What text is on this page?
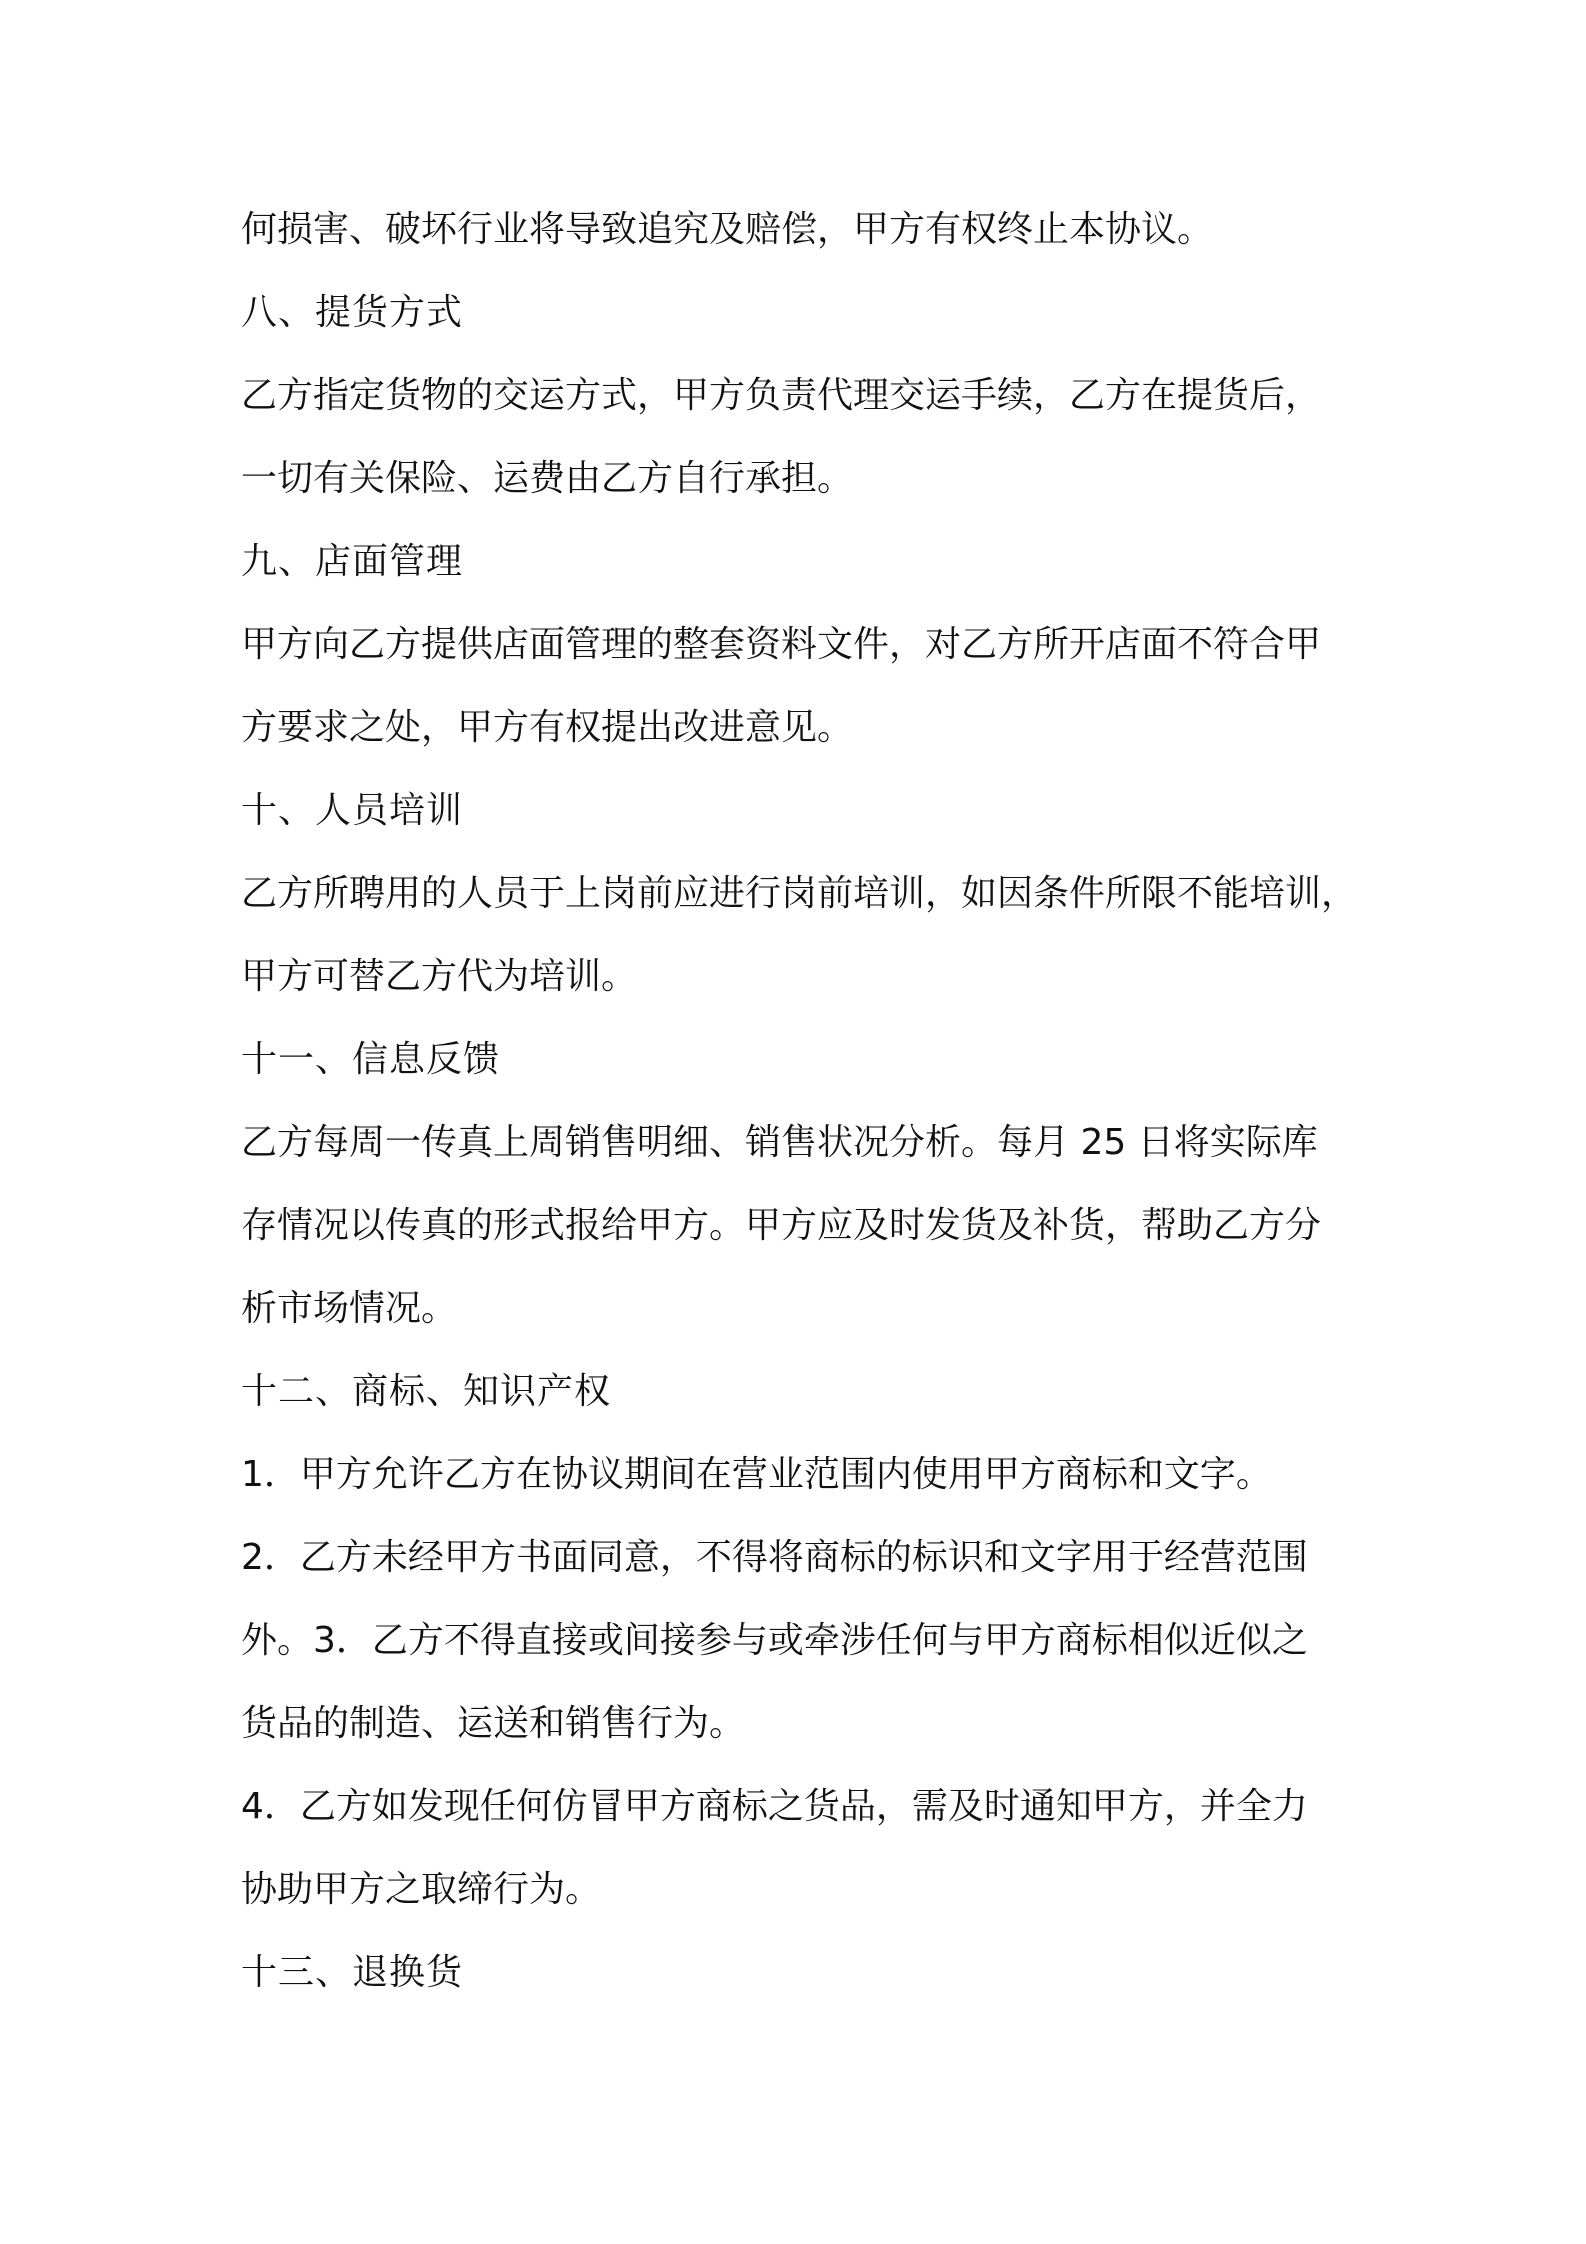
何损害、破坏行业将导致追究及赔偿，甲方有权终止本协议。
八、提货方式
乙方指定货物的交运方式，甲方负责代理交运手续，乙方在提货后，
一切有关保险、运费由乙方自行承担。
九、店面管理
甲方向乙方提供店面管理的整套资料文件，对乙方所开店面不符合甲
方要求之处，甲方有权提出改进意见。
十、人员培训
乙方所聘用的人员于上岗前应进行岗前培训，如因条件所限不能培训，
甲方可替乙方代为培训。
十一、信息反馈
乙方每周一传真上周销售明细、销售状况分析。每月 25 日将实际库
存情况以传真的形式报给甲方。甲方应及时发货及补货，帮助乙方分
析市场情况。
十二、商标、知识产权
1．甲方允许乙方在协议期间在营业范围内使用甲方商标和文字。
2．乙方未经甲方书面同意，不得将商标的标识和文字用于经营范围
外。3．乙方不得直接或间接参与或牵涉任何与甲方商标相似近似之
货品的制造、运送和销售行为。
4．乙方如发现任何仿冒甲方商标之货品，需及时通知甲方，并全力
协助甲方之取缔行为。
十三、退换货
